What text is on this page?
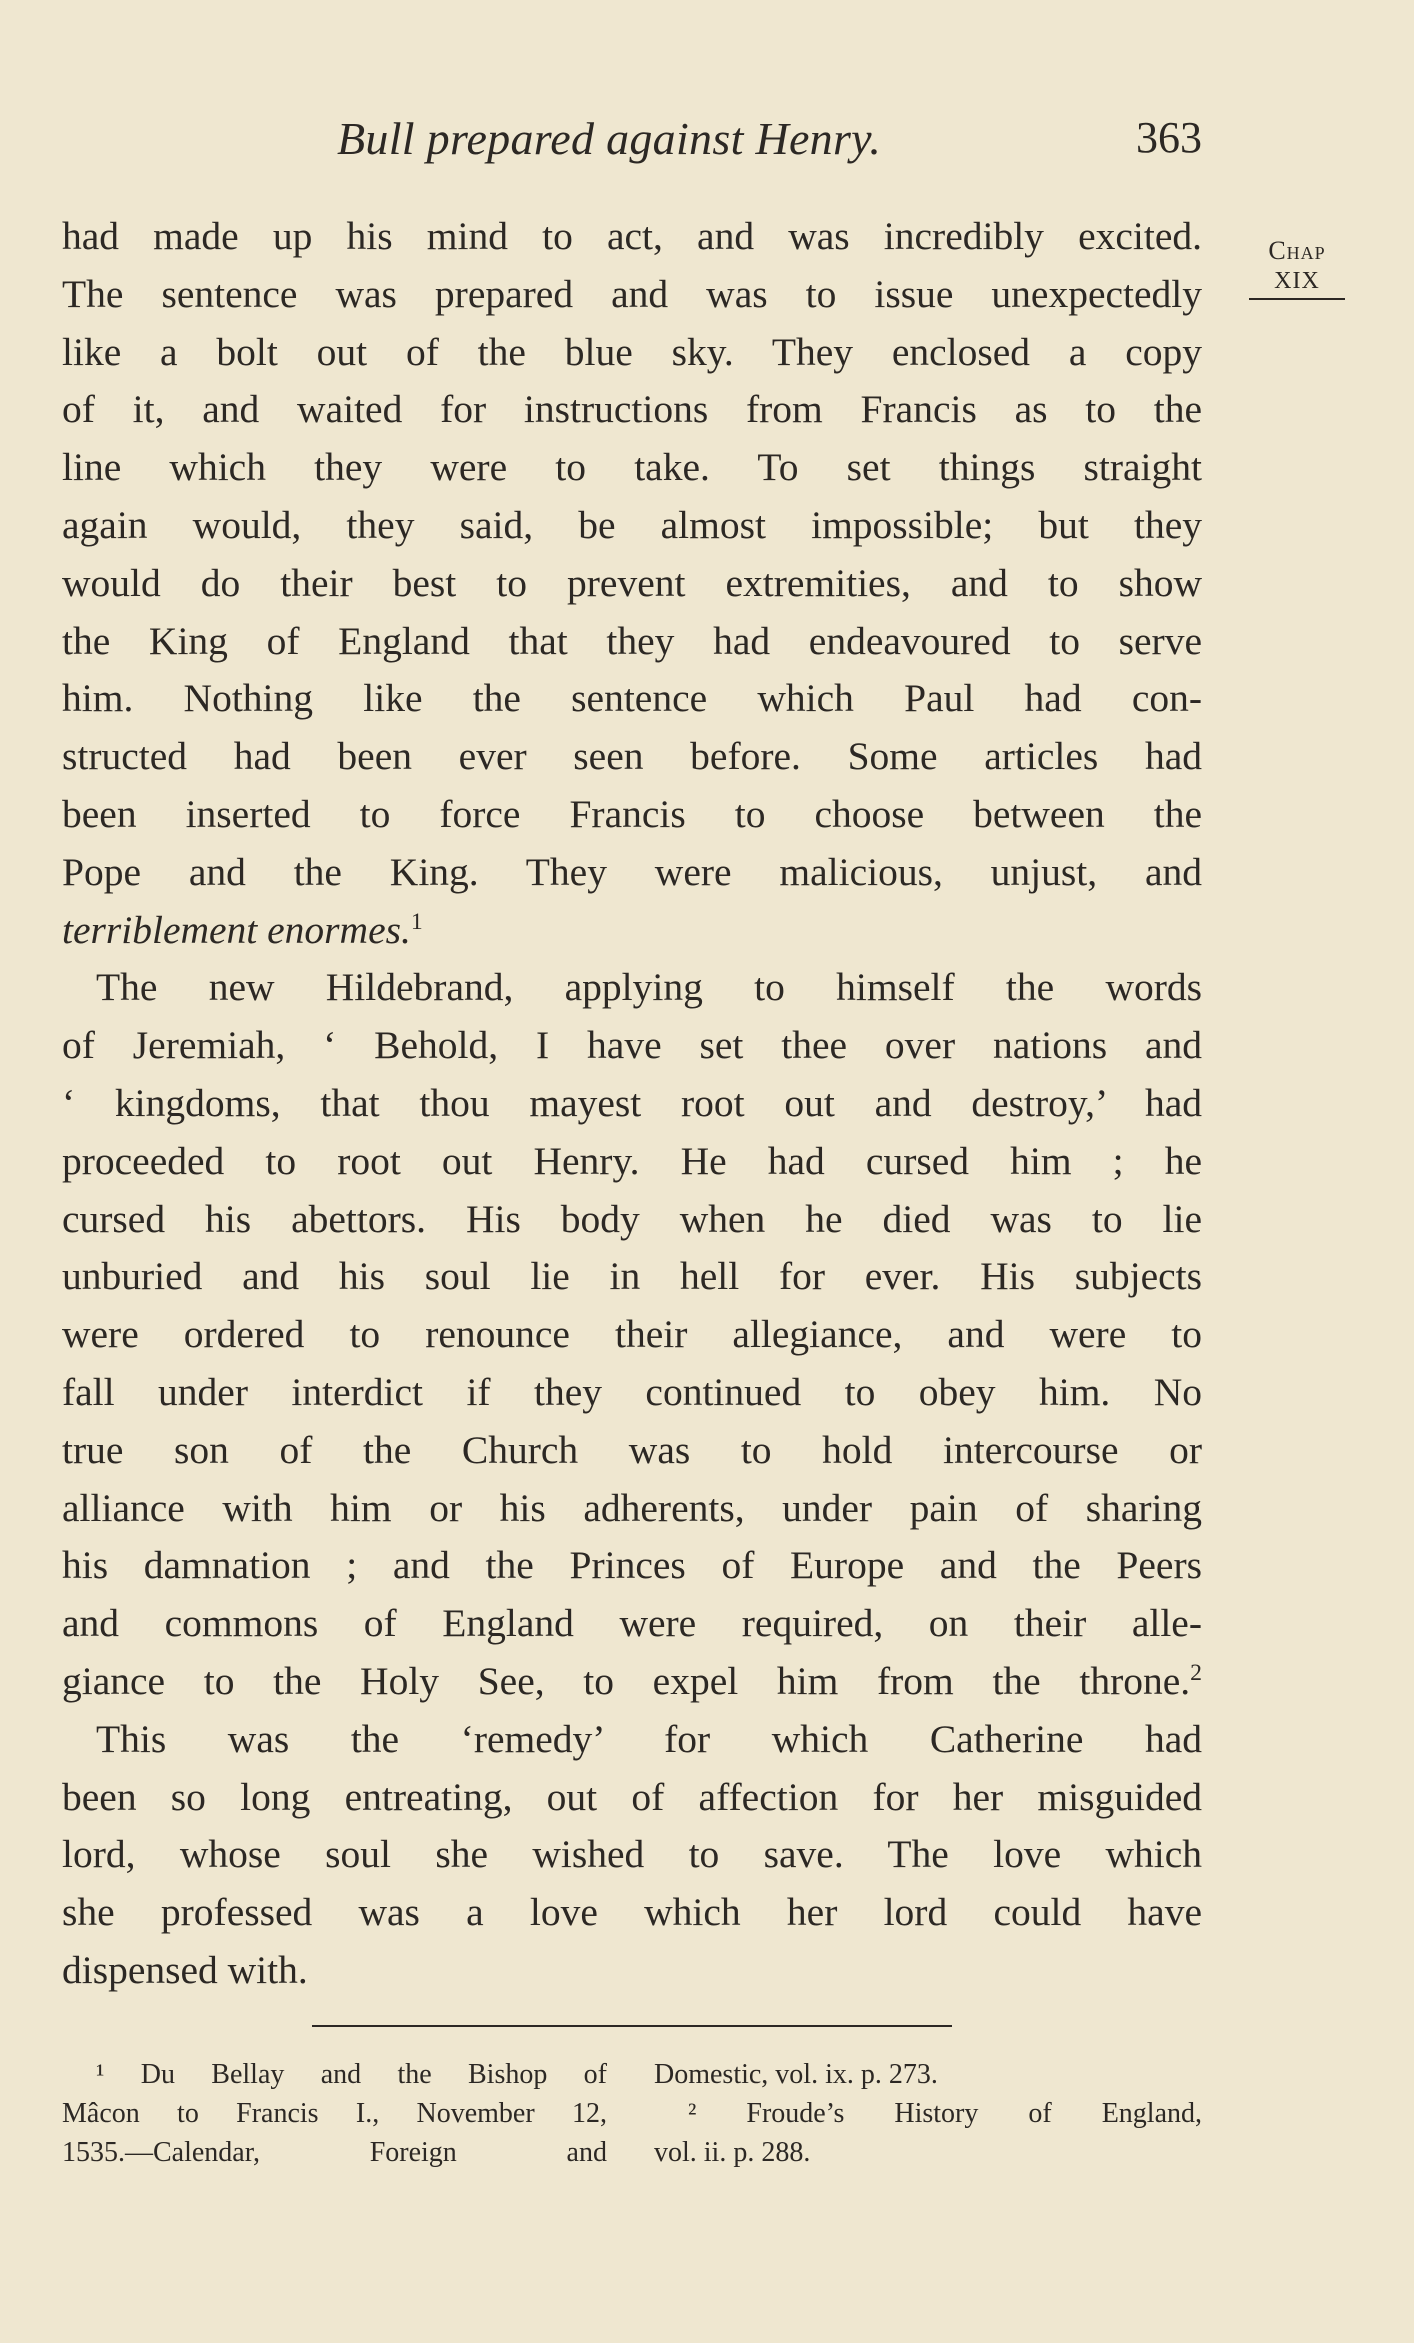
Bull prepared against Henry.	363
Chap
XIX
had made up his mind to act, and was incredibly excited.
The sentence was prepared and was to issue unexpectedly
like a bolt out of the blue sky. They enclosed a copy
of it, and waited for instructions from Francis as to the
line which they were to take. To set things straight
again would, they said, be almost impossible; but they
would do their best to prevent extremities, and to show
the King of England that they had endeavoured to serve
him. Nothing like the sentence which Paul had con-
structed had been ever seen before. Some articles had
been inserted to force Francis to choose between the
Pope and the King. They were malicious, unjust, and
terriblement enormes.$^1$
The new Hildebrand, applying to himself the words
of Jeremiah, ‘ Behold, I have set thee over nations and
‘ kingdoms, that thou mayest root out and destroy,’ had
proceeded to root out Henry. He had cursed him ; he
cursed his abettors. His body when he died was to lie
unburied and his soul lie in hell for ever. His subjects
were ordered to renounce their allegiance, and were to
fall under interdict if they continued to obey him. No
true son of the Church was to hold intercourse or
alliance with him or his adherents, under pain of sharing
his damnation ; and the Princes of Europe and the Peers
and commons of England were required, on their alle-
giance to the Holy See, to expel him from the throne.$^2$
This was the ‘remedy’ for which Catherine had
been so long entreating, out of affection for her misguided
lord, whose soul she wished to save. The love which
she professed was a love which her lord could have
dispensed with.
¹ Du Bellay and the Bishop of
Mâcon to Francis I., November 12,
1535.—Calendar, Foreign and
Domestic, vol. ix. p. 273.
² Froude’s History of England,
vol. ii. p. 288.
